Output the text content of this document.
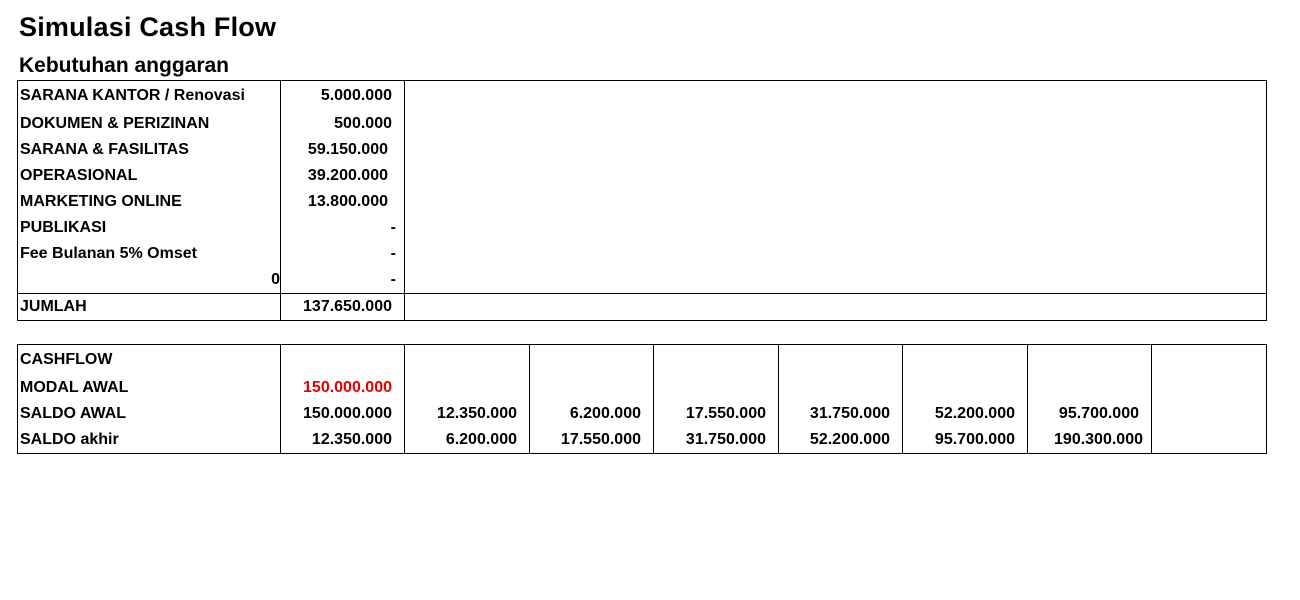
Simulasi Cash Flow
Kebutuhan anggaran
SARANA KANTOR / Renovasi	5.000.000	
DOKUMEN & PERIZINAN	500.000	
SARANA & FASILITAS	59.150.000	
OPERASIONAL	39.200.000	
MARKETING ONLINE	13.800.000	
PUBLIKASI	-	
Fee Bulanan 5% Omset	-	
0	-	
JUMLAH	137.650.000	
CASHFLOW								
MODAL AWAL	150.000.000							
SALDO AWAL	150.000.000	12.350.000	6.200.000	17.550.000	31.750.000	52.200.000	95.700.000	
SALDO akhir	12.350.000	6.200.000	17.550.000	31.750.000	52.200.000	95.700.000	190.300.000	
